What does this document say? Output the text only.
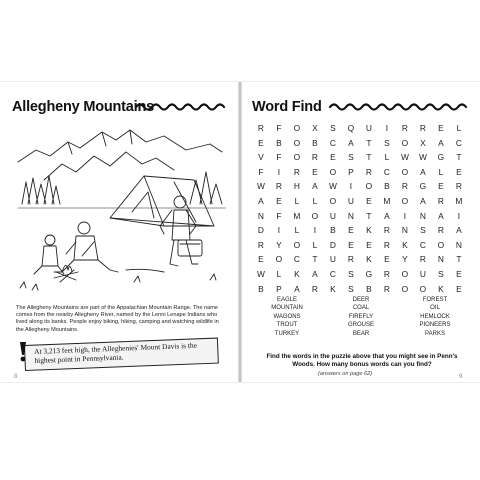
Allegheny Mountains
The Allegheny Mountains are part of the Appalachian Mountain Range. The name comes from the nearby Allegheny River, named by the Lenni Lenape Indians who lived along its banks. People enjoy biking, hiking, camping and watching wildlife in the Allegheny Mountains.
At 3,213 feet high, the Alleghenies' Mount Davis is the highest point in Pennsylvania.
8
Word Find
R	F	O	X	S	Q	U	I	R	R	E	L
E	B	O	B	C	A	T	S	O	X	A	C
V	F	O	R	E	S	T	L	W	W	G	T
F	I	R	E	O	P	R	C	O	A	L	E
W	R	H	A	W	I	O	B	R	G	E	R
A	E	L	L	O	U	E	M	O	A	R	M
N	F	M	O	U	N	T	A	I	N	A	I
D	I	L	I	B	E	K	R	N	S	R	A
R	Y	O	L	D	E	E	R	K	C	O	N
E	O	C	T	U	R	K	E	Y	R	N	T
W	L	K	A	C	S	G	R	O	U	S	E
B	P	A	R	K	S	B	R	O	O	K	E
EAGLE
MOUNTAIN
WAGONS
TROUT
TURKEY
DEER
COAL
FIREFLY
GROUSE
BEAR
FOREST
OIL
HEMLOCK
PIONEERS
PARKS
Find the words in the puzzle above that you might see in Penn's Woods. How many bonus words can you find?
(answers on page 62)	9
